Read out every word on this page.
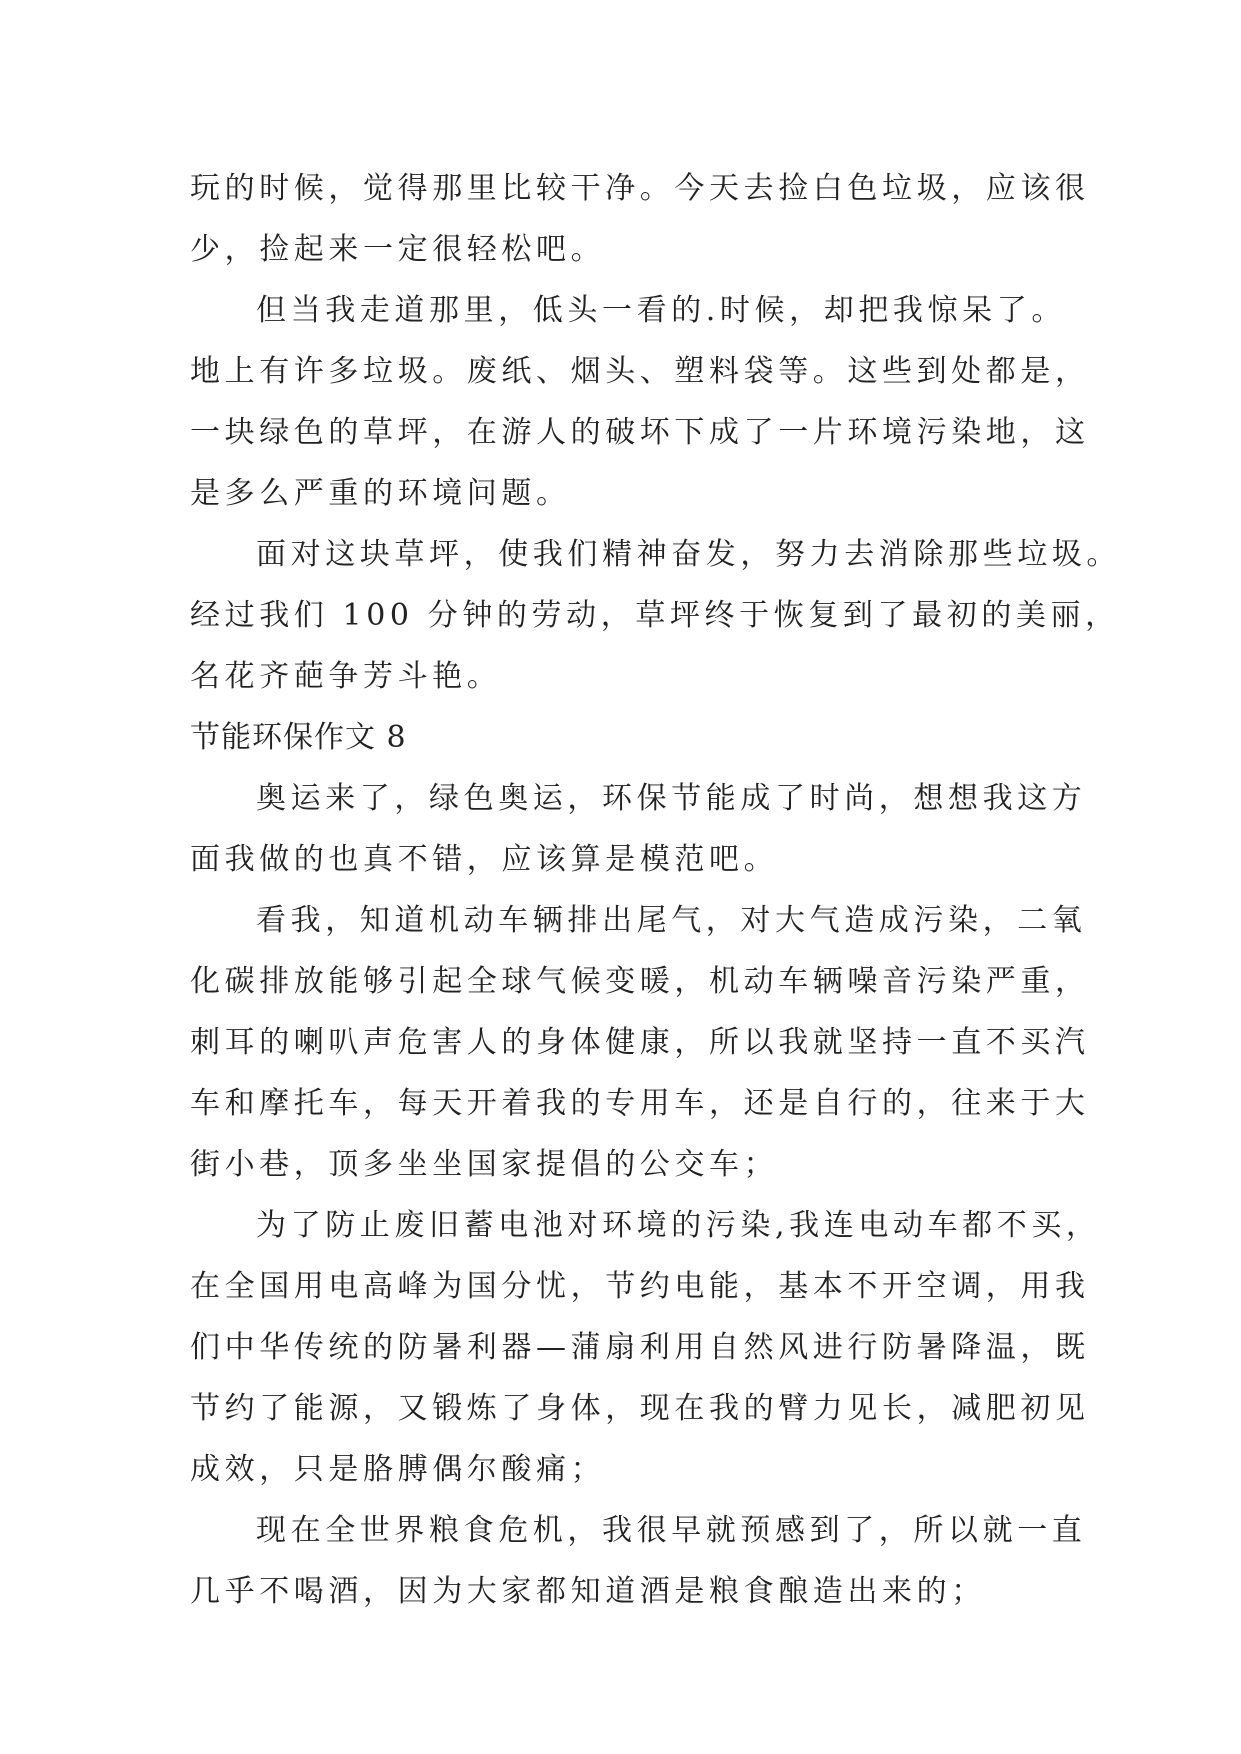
玩的时候，觉得那里比较干净。今天去捡白色垃圾，应该很
少，捡起来一定很轻松吧。
但当我走道那里，低头一看的.时候，却把我惊呆了。
地上有许多垃圾。废纸、烟头、塑料袋等。这些到处都是，
一块绿色的草坪，在游人的破坏下成了一片环境污染地，这
是多么严重的环境问题。
面对这块草坪，使我们精神奋发，努力去消除那些垃圾。
经过我们 100 分钟的劳动，草坪终于恢复到了最初的美丽，
名花齐葩争芳斗艳。
节能环保作文 8
奥运来了，绿色奥运，环保节能成了时尚，想想我这方
面我做的也真不错，应该算是模范吧。
看我，知道机动车辆排出尾气，对大气造成污染，二氧
化碳排放能够引起全球气候变暖，机动车辆噪音污染严重，
刺耳的喇叭声危害人的身体健康，所以我就坚持一直不买汽
车和摩托车，每天开着我的专用车，还是自行的，往来于大
街小巷，顶多坐坐国家提倡的公交车；
为了防止废旧蓄电池对环境的污染,我连电动车都不买，
在全国用电高峰为国分忧，节约电能，基本不开空调，用我
们中华传统的防暑利器—蒲扇利用自然风进行防暑降温，既
节约了能源，又锻炼了身体，现在我的臂力见长，减肥初见
成效，只是胳膊偶尔酸痛；
现在全世界粮食危机，我很早就预感到了，所以就一直
几乎不喝酒，因为大家都知道酒是粮食酿造出来的；
